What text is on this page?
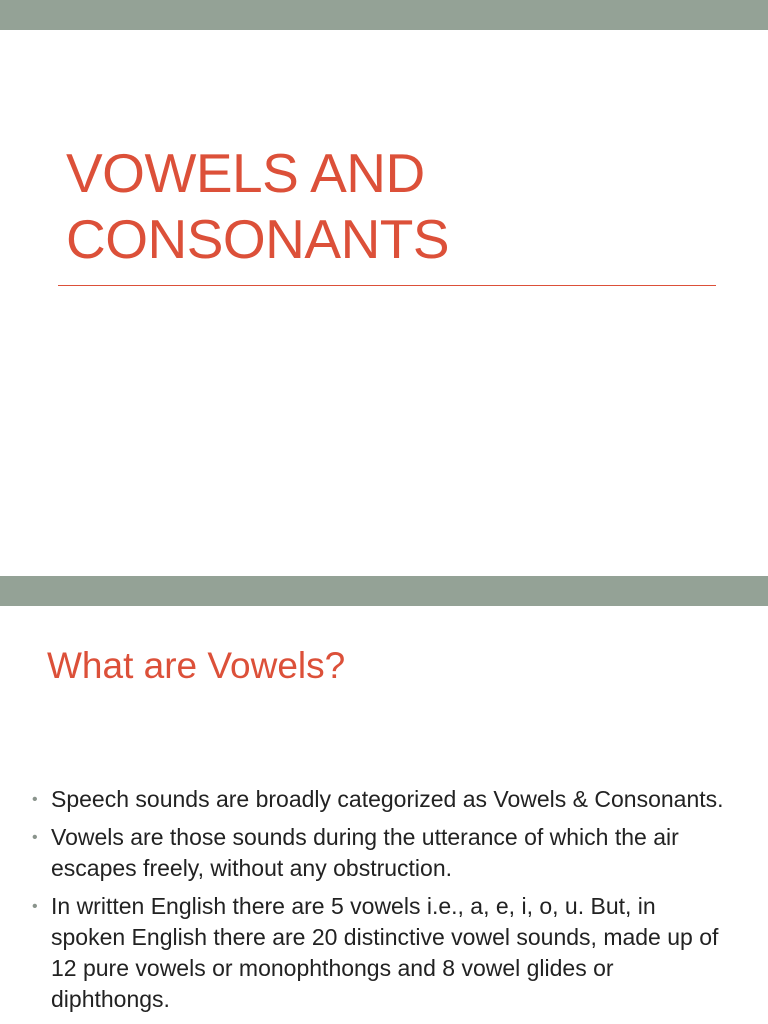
VOWELS AND
CONSONANTS
What are Vowels?
• Speech sounds are broadly categorized as Vowels & Consonants.
• Vowels are those sounds during the utterance of which the air escapes freely, without any obstruction.
• In written English there are 5 vowels i.e., a, e, i, o, u. But, in spoken English there are 20 distinctive vowel sounds, made up of 12 pure vowels or monophthongs and 8 vowel glides or diphthongs.
